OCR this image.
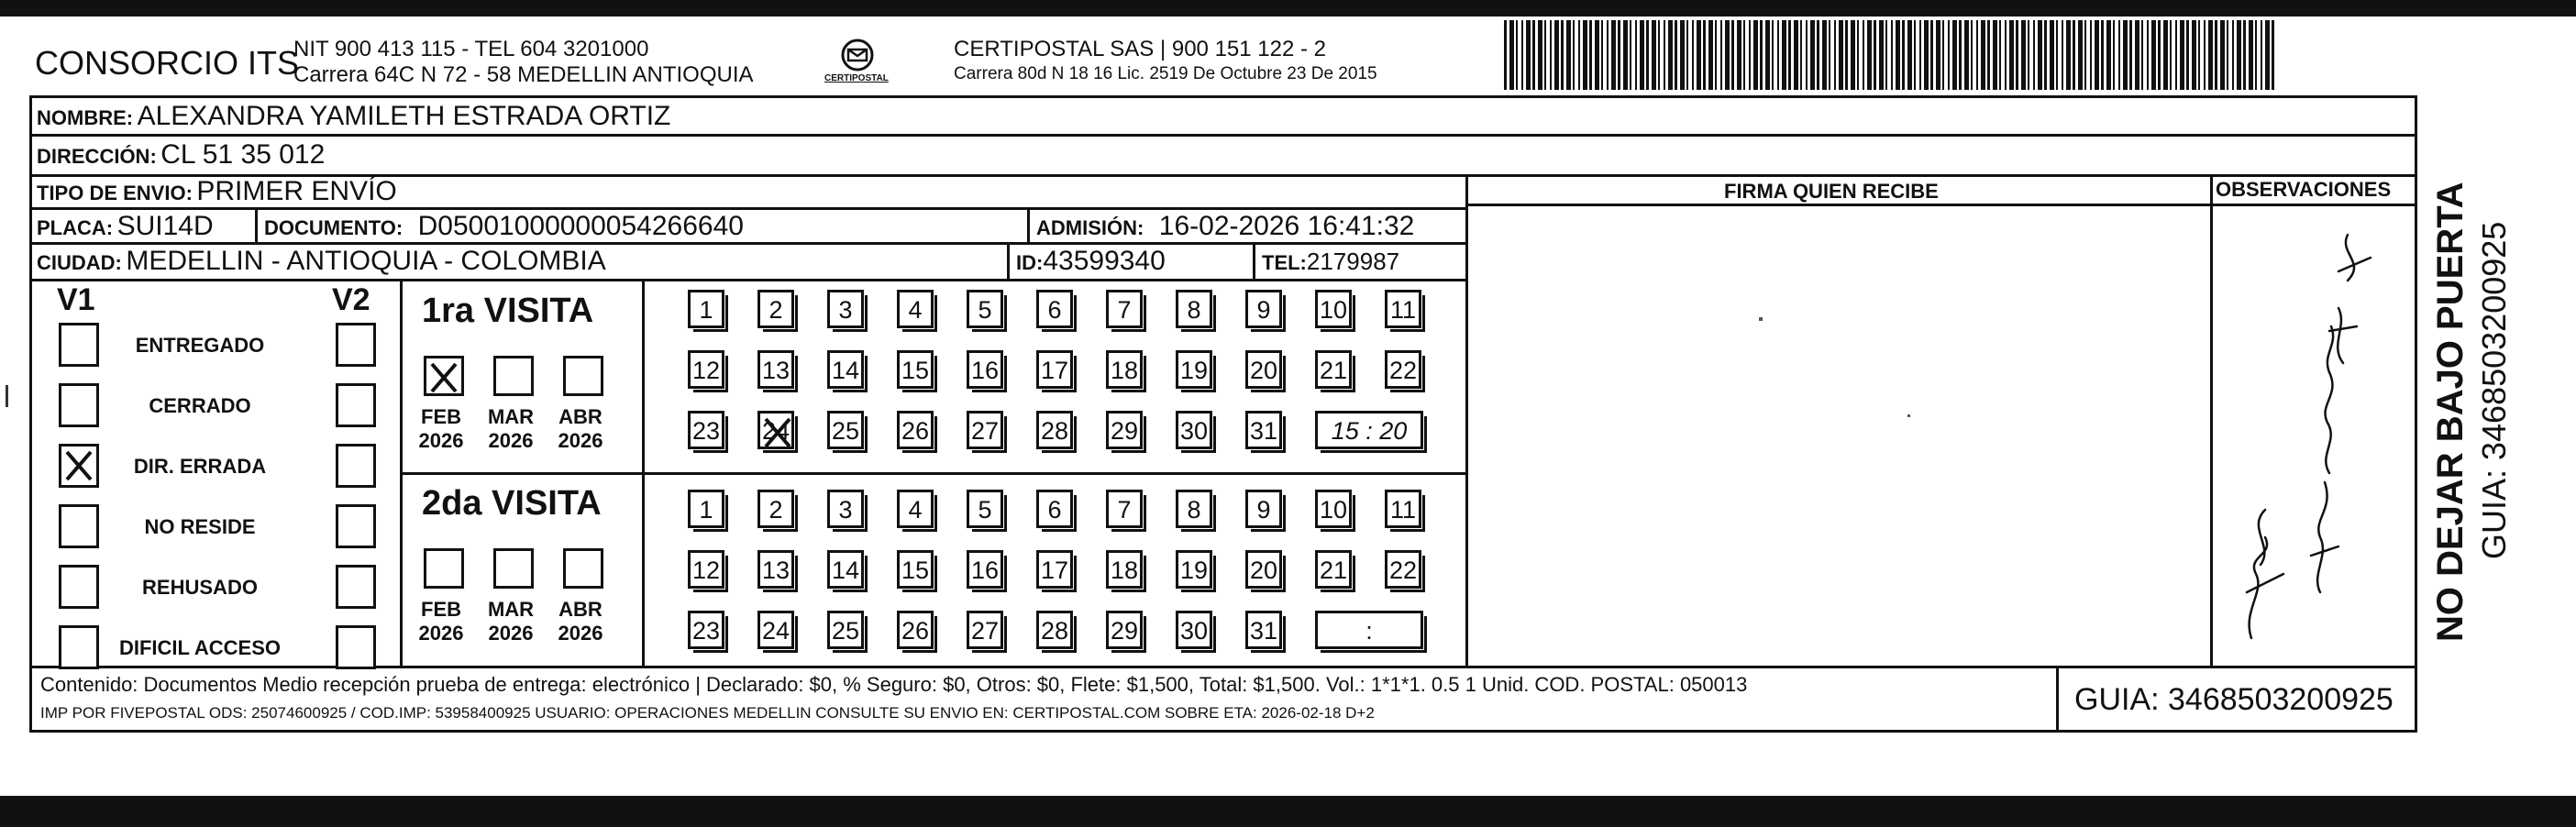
CONSORCIO ITS
NIT 900 413 115 - TEL 604 3201000
Carrera 64C N 72 - 58 MEDELLIN ANTIOQUIA	CERTIPOSTAL
CERTIPOSTAL SAS | 900 151 122 - 2
Carrera 80d N 18 16 Lic. 2519 De Octubre 23 De 2015
NOMBRE: ALEXANDRA YAMILETH ESTRADA ORTIZ
DIRECCIÓN: CL 51 35 012
TIPO DE ENVIO: PRIMER ENVÍO
PLACA: SUI14D	DOCUMENTO: D05001000000054266640	ADMISIÓN: 16-02-2026 16:41:32
CIUDAD: MEDELLIN - ANTIOQUIA - COLOMBIA	ID:43599340	TEL:2179987
FIRMA QUIEN RECIBE	OBSERVACIONES
V1	V2
ENTREGADO
CERRADO
DIR. ERRADA
NO RESIDE
REHUSADO
DIFICIL ACCESO
1ra VISITA
FEB
2026
MAR
2026
ABR
2026
1	2	3	4	5	6	7	8	9	10 11
12 13 14 15 16 17 18 19 20 21 22
23 24 25 26 27 28 29 30 31	15 : 20
2da VISITA
FEB
2026
MAR
2026
ABR
2026
1	2	3	4	5	6	7	8	9	10 11
12 13 14 15 16 17 18 19 20 21 22
23 24 25 26 27 28 29 30 31	:
Contenido: Documentos Medio recepción prueba de entrega: electrónico | Declarado: $0, % Seguro: $0, Otros: $0, Flete: $1,500, Total: $1,500. Vol.: 1*1*1. 0.5 1 Unid. COD. POSTAL: 050013
IMP POR FIVEPOSTAL ODS: 25074600925 / COD.IMP: 53958400925 USUARIO: OPERACIONES MEDELLIN CONSULTE SU ENVIO EN: CERTIPOSTAL.COM SOBRE ETA: 2026-02-18 D+2	GUIA: 3468503200925
NO DEJAR BAJO PUERTA GUIA: 3468503200925
